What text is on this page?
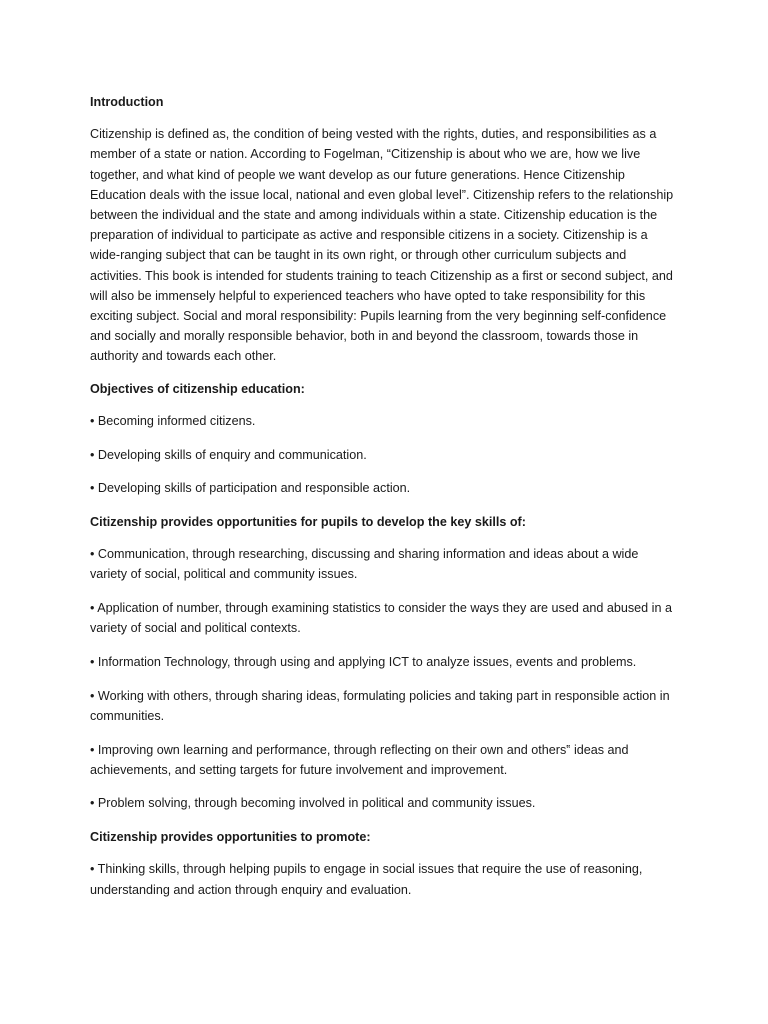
Introduction

Citizenship is defined as, the condition of being vested with the rights, duties, and responsibilities as a member of a state or nation. According to Fogelman, “Citizenship is about who we are, how we live together, and what kind of people we want develop as our future generations. Hence Citizenship Education deals with the issue local, national and even global level”. Citizenship refers to the relationship between the individual and the state and among individuals within a state. Citizenship education is the preparation of individual to participate as active and responsible citizens in a society. Citizenship is a wide-ranging subject that can be taught in its own right, or through other curriculum subjects and activities. This book is intended for students training to teach Citizenship as a first or second subject, and will also be immensely helpful to experienced teachers who have opted to take responsibility for this exciting subject. Social and moral responsibility: Pupils learning from the very beginning self-confidence and socially and morally responsible behavior, both in and beyond the classroom, towards those in authority and towards each other.

Objectives of citizenship education:

• Becoming informed citizens.

• Developing skills of enquiry and communication.

• Developing skills of participation and responsible action.

Citizenship provides opportunities for pupils to develop the key skills of:

• Communication, through researching, discussing and sharing information and ideas about a wide variety of social, political and community issues.

• Application of number, through examining statistics to consider the ways they are used and abused in a variety of social and political contexts.

• Information Technology, through using and applying ICT to analyze issues, events and problems.

• Working with others, through sharing ideas, formulating policies and taking part in responsible action in communities.

• Improving own learning and performance, through reflecting on their own and others‟ ideas and achievements, and setting targets for future involvement and improvement.

• Problem solving, through becoming involved in political and community issues.

Citizenship provides opportunities to promote:

• Thinking skills, through helping pupils to engage in social issues that require the use of reasoning, understanding and action through enquiry and evaluation.
